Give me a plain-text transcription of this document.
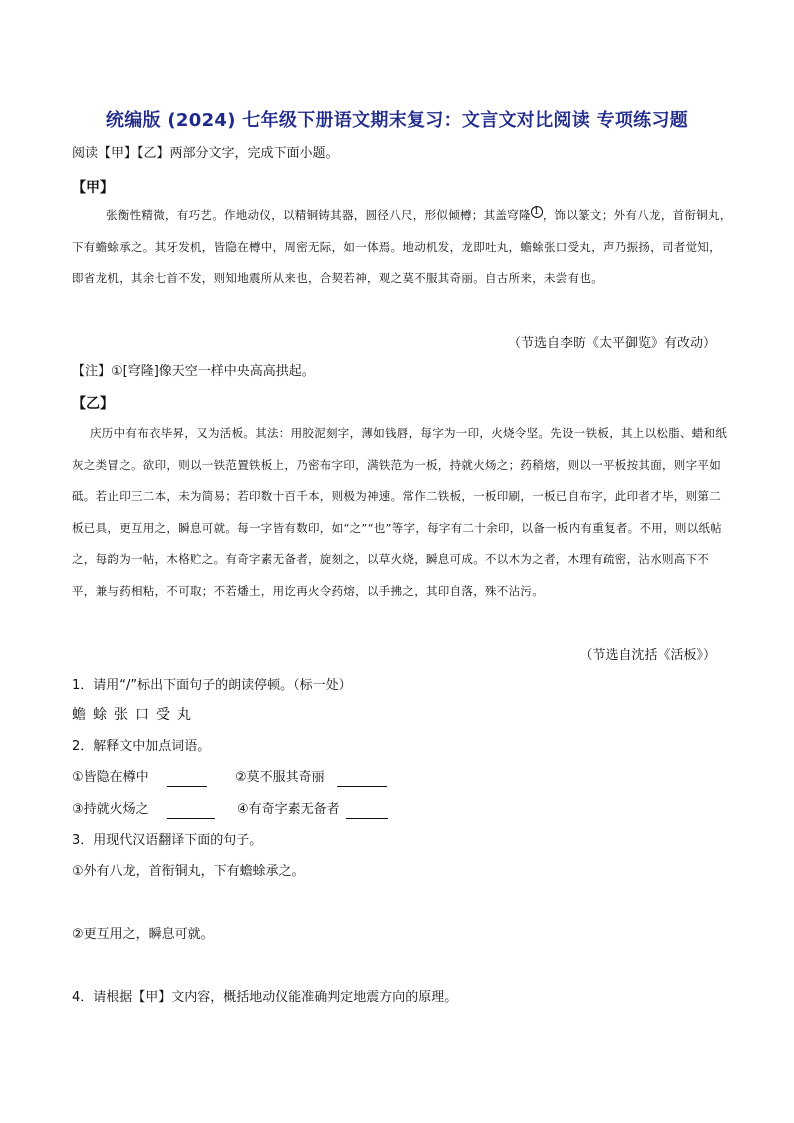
统编版 (2024) 七年级下册语文期末复习：文言文对比阅读 专项练习题
阅读【甲】【乙】两部分文字，完成下面小题。
【甲】
张衡性精微，有巧艺。作地动仪，以精铜铸其器，圆径八尺，形似倾樽；其盖穹隆 $^1$ ，饰以篆文；外有八龙，首衔铜丸，下有蟾蜍承之。其牙发机，皆隐在樽中，周密无际，如一体焉。地动机发，龙即吐丸，蟾蜍张口受丸，声乃振扬，司者觉知，即省龙机，其余七首不发，则知地震所从来也，合契若神，观之莫不服其奇丽。自古所来，未尝有也。
（节选自李昉《太平御览》有改动）
【注】①[穹隆]像天空一样中央高高拱起。
【乙】
庆历中有布衣毕昇，又为活板。其法：用胶泥刻字，薄如钱唇，每字为一印，火烧令坚。先设一铁板，其上以松脂、蜡和纸灰之类冒之。欲印，则以一铁范置铁板上，乃密布字印，满铁范为一板，持就火炀之；药稍熔，则以一平板按其面，则字平如砥。若止印三二本，未为简易；若印数十百千本，则极为神速。常作二铁板，一板印刷，一板已自布字，此印者才毕，则第二板已具，更互用之，瞬息可就。每一字皆有数印，如“之”“也”等字，每字有二十余印，以备一板内有重复者。不用，则以纸帖之，每韵为一帖，木格贮之。有奇字素无备者，旋刻之，以草火烧，瞬息可成。不以木为之者，木理有疏密，沾水则高下不平，兼与药相粘，不可取；不若燔土，用讫再火令药熔，以手拂之，其印自落，殊不沾污。
（节选自沈括《活板》）
1．请用“/”标出下面句子的朗读停顿。（标一处）
蟾蜍张口受丸
2．解释文中加点词语。
①皆隐在樽中	②莫不服其奇丽
③持就火炀之	④有奇字素无备者
3．用现代汉语翻译下面的句子。
①外有八龙，首衔铜丸，下有蟾蜍承之。
②更互用之，瞬息可就。
4．请根据【甲】文内容，概括地动仪能准确判定地震方向的原理。
